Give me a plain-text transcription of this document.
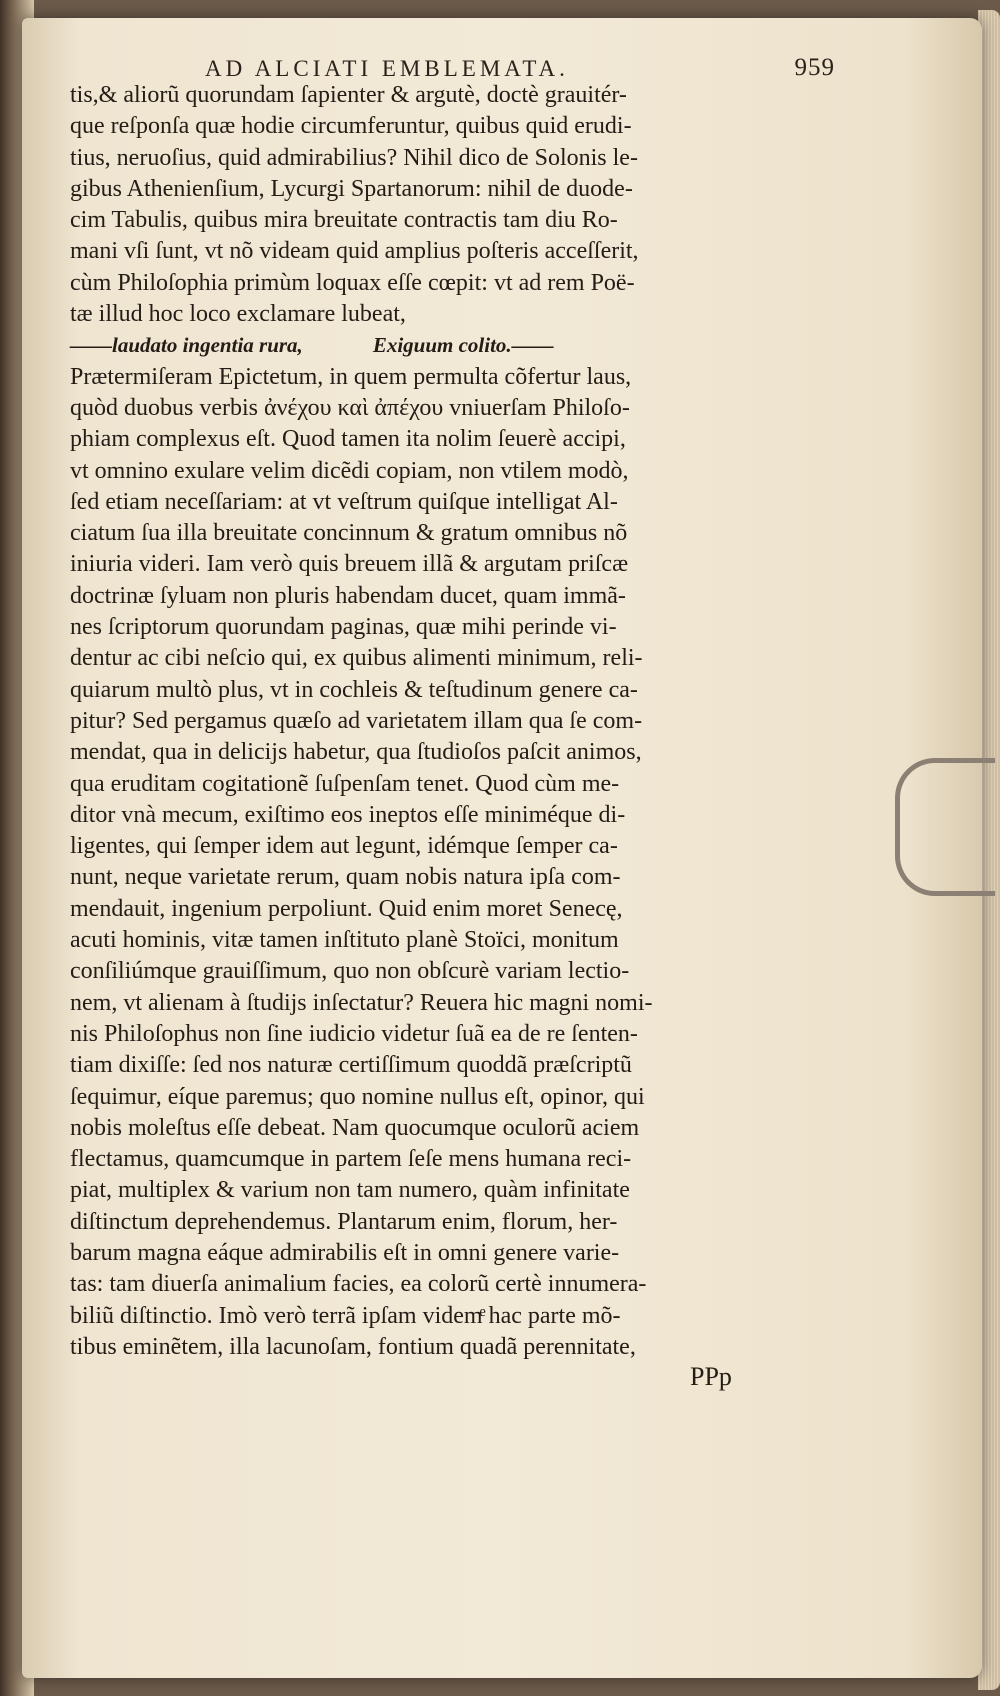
AD ALCIATI EMBLEMATA.	959
tis,& aliorũ quorundam ſapienter & argutè, doctè grauitér-
que reſponſa quæ hodie circumferuntur, quibus quid erudi-
tius, neruoſius, quid admirabilius? Nihil dico de Solonis le-
gibus Athenienſium, Lycurgi Spartanorum: nihil de duode-
cim Tabulis, quibus mira breuitate contractis tam diu Ro-
mani vſi ſunt, vt nõ videam quid amplius poſteris acceſſerit,
cùm Philoſophia primùm loquax eſſe cœpit: vt ad rem Poë-
tæ illud hoc loco exclamare lubeat,
——laudato ingentia rura,	Exiguum colito.——
Prætermiſeram Epictetum, in quem permulta cõfertur laus,
quòd duobus verbis ἀνέχου καὶ ἀπέχου vniuerſam Philoſo-
phiam complexus eſt. Quod tamen ita nolim ſeuerè accipi,
vt omnino exulare velim dicẽdi copiam, non vtilem modò,
ſed etiam neceſſariam: at vt veſtrum quiſque intelligat Al-
ciatum ſua illa breuitate concinnum & gratum omnibus nõ
iniuria videri. Iam verò quis breuem illã & argutam priſcæ
doctrinæ ſyluam non pluris habendam ducet, quam immã-
nes ſcriptorum quorundam paginas, quæ mihi perinde vi-
dentur ac cibi neſcio qui, ex quibus alimenti minimum, reli-
quiarum multò plus, vt in cochleis & teſtudinum genere ca-
pitur? Sed pergamus quæſo ad varietatem illam qua ſe com-
mendat, qua in delicijs habetur, qua ſtudioſos paſcit animos,
qua eruditam cogitationẽ ſuſpenſam tenet. Quod cùm me-
ditor vnà mecum, exiſtimo eos ineptos eſſe miniméque di-
ligentes, qui ſemper idem aut legunt, idémque ſemper ca-
nunt, neque varietate rerum, quam nobis natura ipſa com-
mendauit, ingenium perpoliunt. Quid enim moret Senecę,
acuti hominis, vitæ tamen inſtituto planè Stoïci, monitum
conſiliúmque grauiſſimum, quo non obſcurè variam lectio-
nem, vt alienam à ſtudijs inſectatur? Reuera hic magni nomi-
nis Philoſophus non ſine iudicio videtur ſuã ea de re ſenten-
tiam dixiſſe: ſed nos naturæ certiſſimum quoddã præſcriptũ
ſequimur, eíque paremus; quo nomine nullus eſt, opinor, qui
nobis moleſtus eſſe debeat. Nam quocumque oculorũ aciem
flectamus, quamcumque in partem ſeſe mens humana reci-
piat, multiplex & varium non tam numero, quàm infinitate
diſtinctum deprehendemus. Plantarum enim, florum, her-
barum magna eáque admirabilis eſt in omni genere varie-
tas: tam diuerſa animalium facies, ea colorũ certè innumera-
biliũ diſtinctio. Imò verò terrã ipſam videmͤ hac parte mõ-
tibus eminẽtem, illa lacunoſam, fontium quadã perennitate,
PPp
